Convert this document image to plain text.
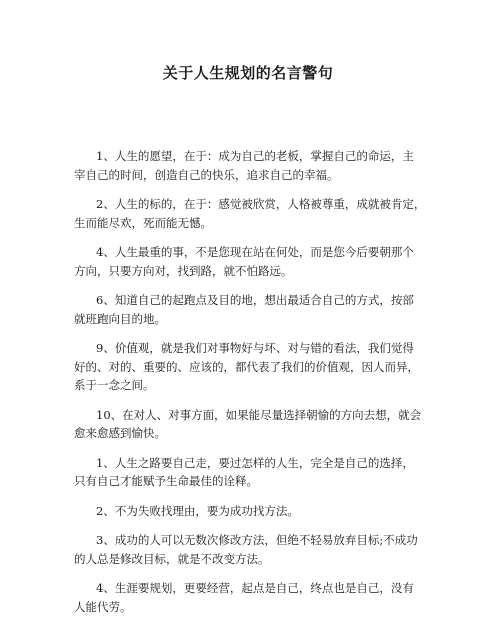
关于人生规划的名言警句

1、人生的愿望，在于：成为自己的老板，掌握自己的命运，主
宰自己的时间，创造自己的快乐，追求自己的幸福。

2、人生的标的，在于：感觉被欣赏，人格被尊重，成就被肯定，
生而能尽欢，死而能无憾。

4、人生最重的事，不是您现在站在何处，而是您今后要朝那个
方向，只要方向对，找到路，就不怕路远。

6、知道自己的起跑点及目的地，想出最适合自己的方式，按部
就班跑向目的地。

9、价值观，就是我们对事物好与坏、对与错的看法，我们觉得
好的、对的、重要的、应该的，都代表了我们的价值观，因人而异，
系于一念之间。

10、在对人、对事方面，如果能尽量选择朝愉的方向去想，就会
愈来愈感到愉快。

1、人生之路要自己走，要过怎样的人生，完全是自己的选择，
只有自己才能赋予生命最佳的诠释。

2、不为失败找理由，要为成功找方法。

3、成功的人可以无数次修改方法，但绝不轻易放弃目标;不成功
的人总是修改目标，就是不改变方法。

4、生涯要规划，更要经营，起点是自己，终点也是自己，没有
人能代劳。
